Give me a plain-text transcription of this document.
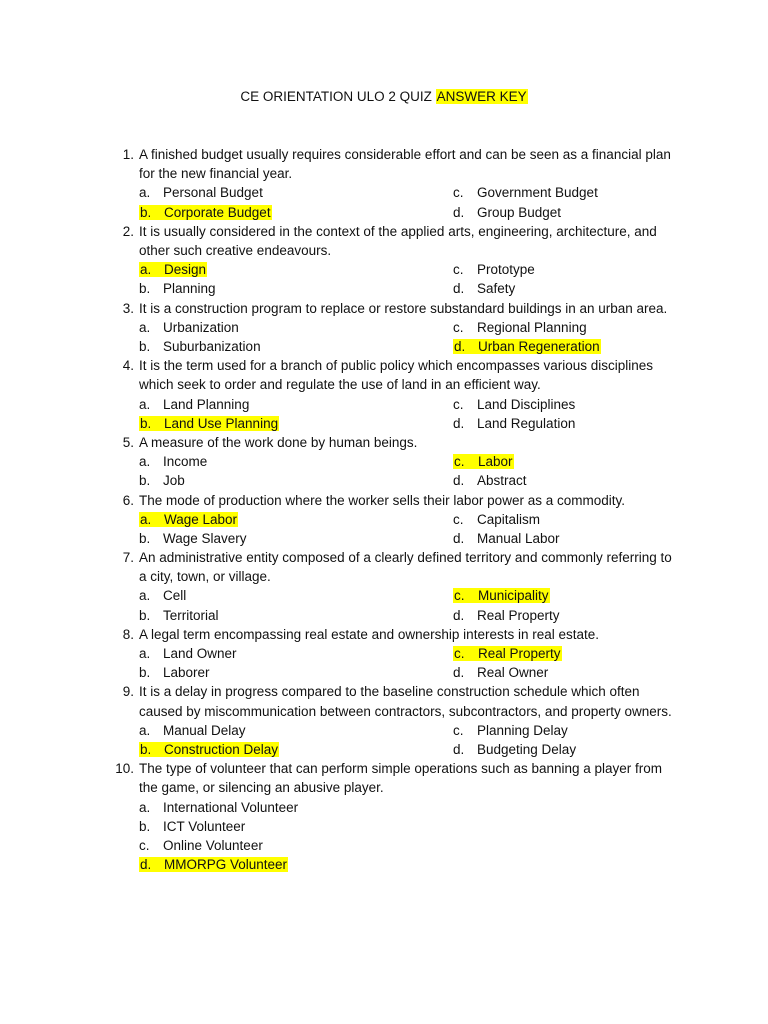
CE ORIENTATION ULO 2 QUIZ ANSWER KEY
1. A finished budget usually requires considerable effort and can be seen as a financial plan for the new financial year.
a. Personal Budget	c. Government Budget
b. Corporate Budget	d. Group Budget
2. It is usually considered in the context of the applied arts, engineering, architecture, and other such creative endeavours.
a. Design	c. Prototype
b. Planning	d. Safety
3. It is a construction program to replace or restore substandard buildings in an urban area.
a. Urbanization	c. Regional Planning
b. Suburbanization	d. Urban Regeneration
4. It is the term used for a branch of public policy which encompasses various disciplines which seek to order and regulate the use of land in an efficient way.
a. Land Planning	c. Land Disciplines
b. Land Use Planning	d. Land Regulation
5. A measure of the work done by human beings.
a. Income	c. Labor
b. Job	d. Abstract
6. The mode of production where the worker sells their labor power as a commodity.
a. Wage Labor	c. Capitalism
b. Wage Slavery	d. Manual Labor
7. An administrative entity composed of a clearly defined territory and commonly referring to a city, town, or village.
a. Cell	c. Municipality
b. Territorial	d. Real Property
8. A legal term encompassing real estate and ownership interests in real estate.
a. Land Owner	c. Real Property
b. Laborer	d. Real Owner
9. It is a delay in progress compared to the baseline construction schedule which often caused by miscommunication between contractors, subcontractors, and property owners.
a. Manual Delay	c. Planning Delay
b. Construction Delay	d. Budgeting Delay
10. The type of volunteer that can perform simple operations such as banning a player from the game, or silencing an abusive player.
a. International Volunteer
b. ICT Volunteer
c. Online Volunteer
d. MMORPG Volunteer
